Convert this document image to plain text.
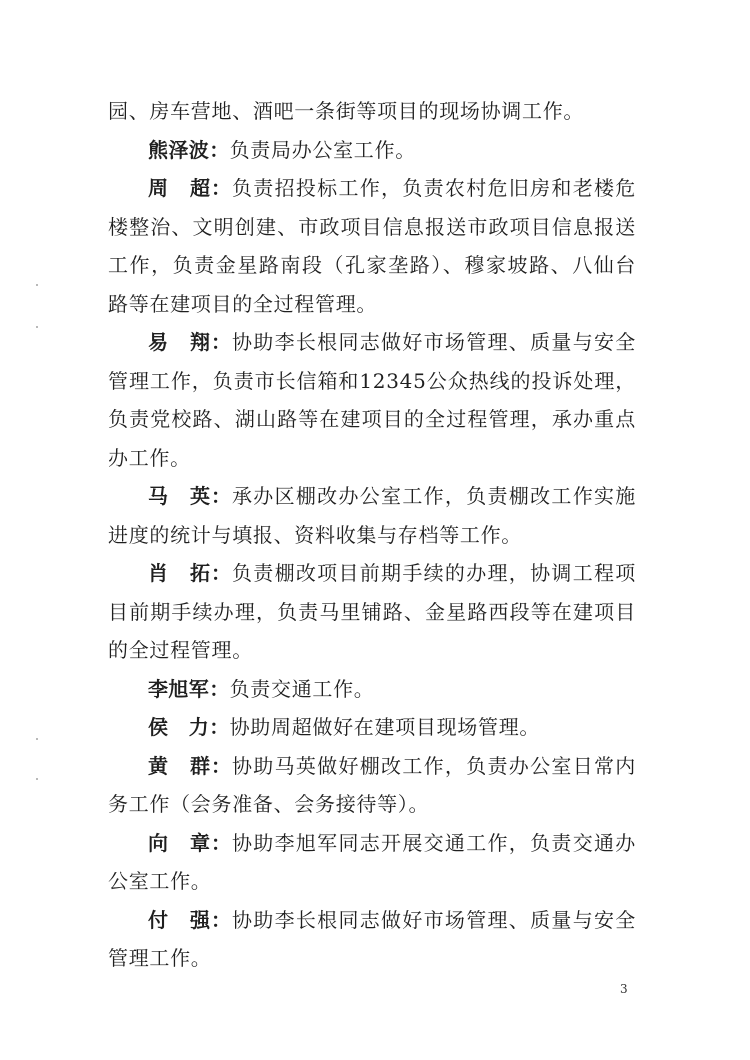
园、房车营地、酒吧一条街等项目的现场协调工作。

熊泽波：负责局办公室工作。

周　超：负责招投标工作，负责农村危旧房和老楼危楼整治、文明创建、市政项目信息报送市政项目信息报送工作，负责金星路南段（孔家垄路）、穆家坡路、八仙台路等在建项目的全过程管理。

易　翔：协助李长根同志做好市场管理、质量与安全管理工作，负责市长信箱和12345公众热线的投诉处理，负责党校路、湖山路等在建项目的全过程管理，承办重点办工作。

马　英：承办区棚改办公室工作，负责棚改工作实施进度的统计与填报、资料收集与存档等工作。

肖　拓：负责棚改项目前期手续的办理，协调工程项目前期手续办理，负责马里铺路、金星路西段等在建项目的全过程管理。

李旭军：负责交通工作。

侯　力：协助周超做好在建项目现场管理。

黄　群：协助马英做好棚改工作，负责办公室日常内务工作（会务准备、会务接待等）。

向　章：协助李旭军同志开展交通工作，负责交通办公室工作。

付　强：协助李长根同志做好市场管理、质量与安全管理工作。

3
